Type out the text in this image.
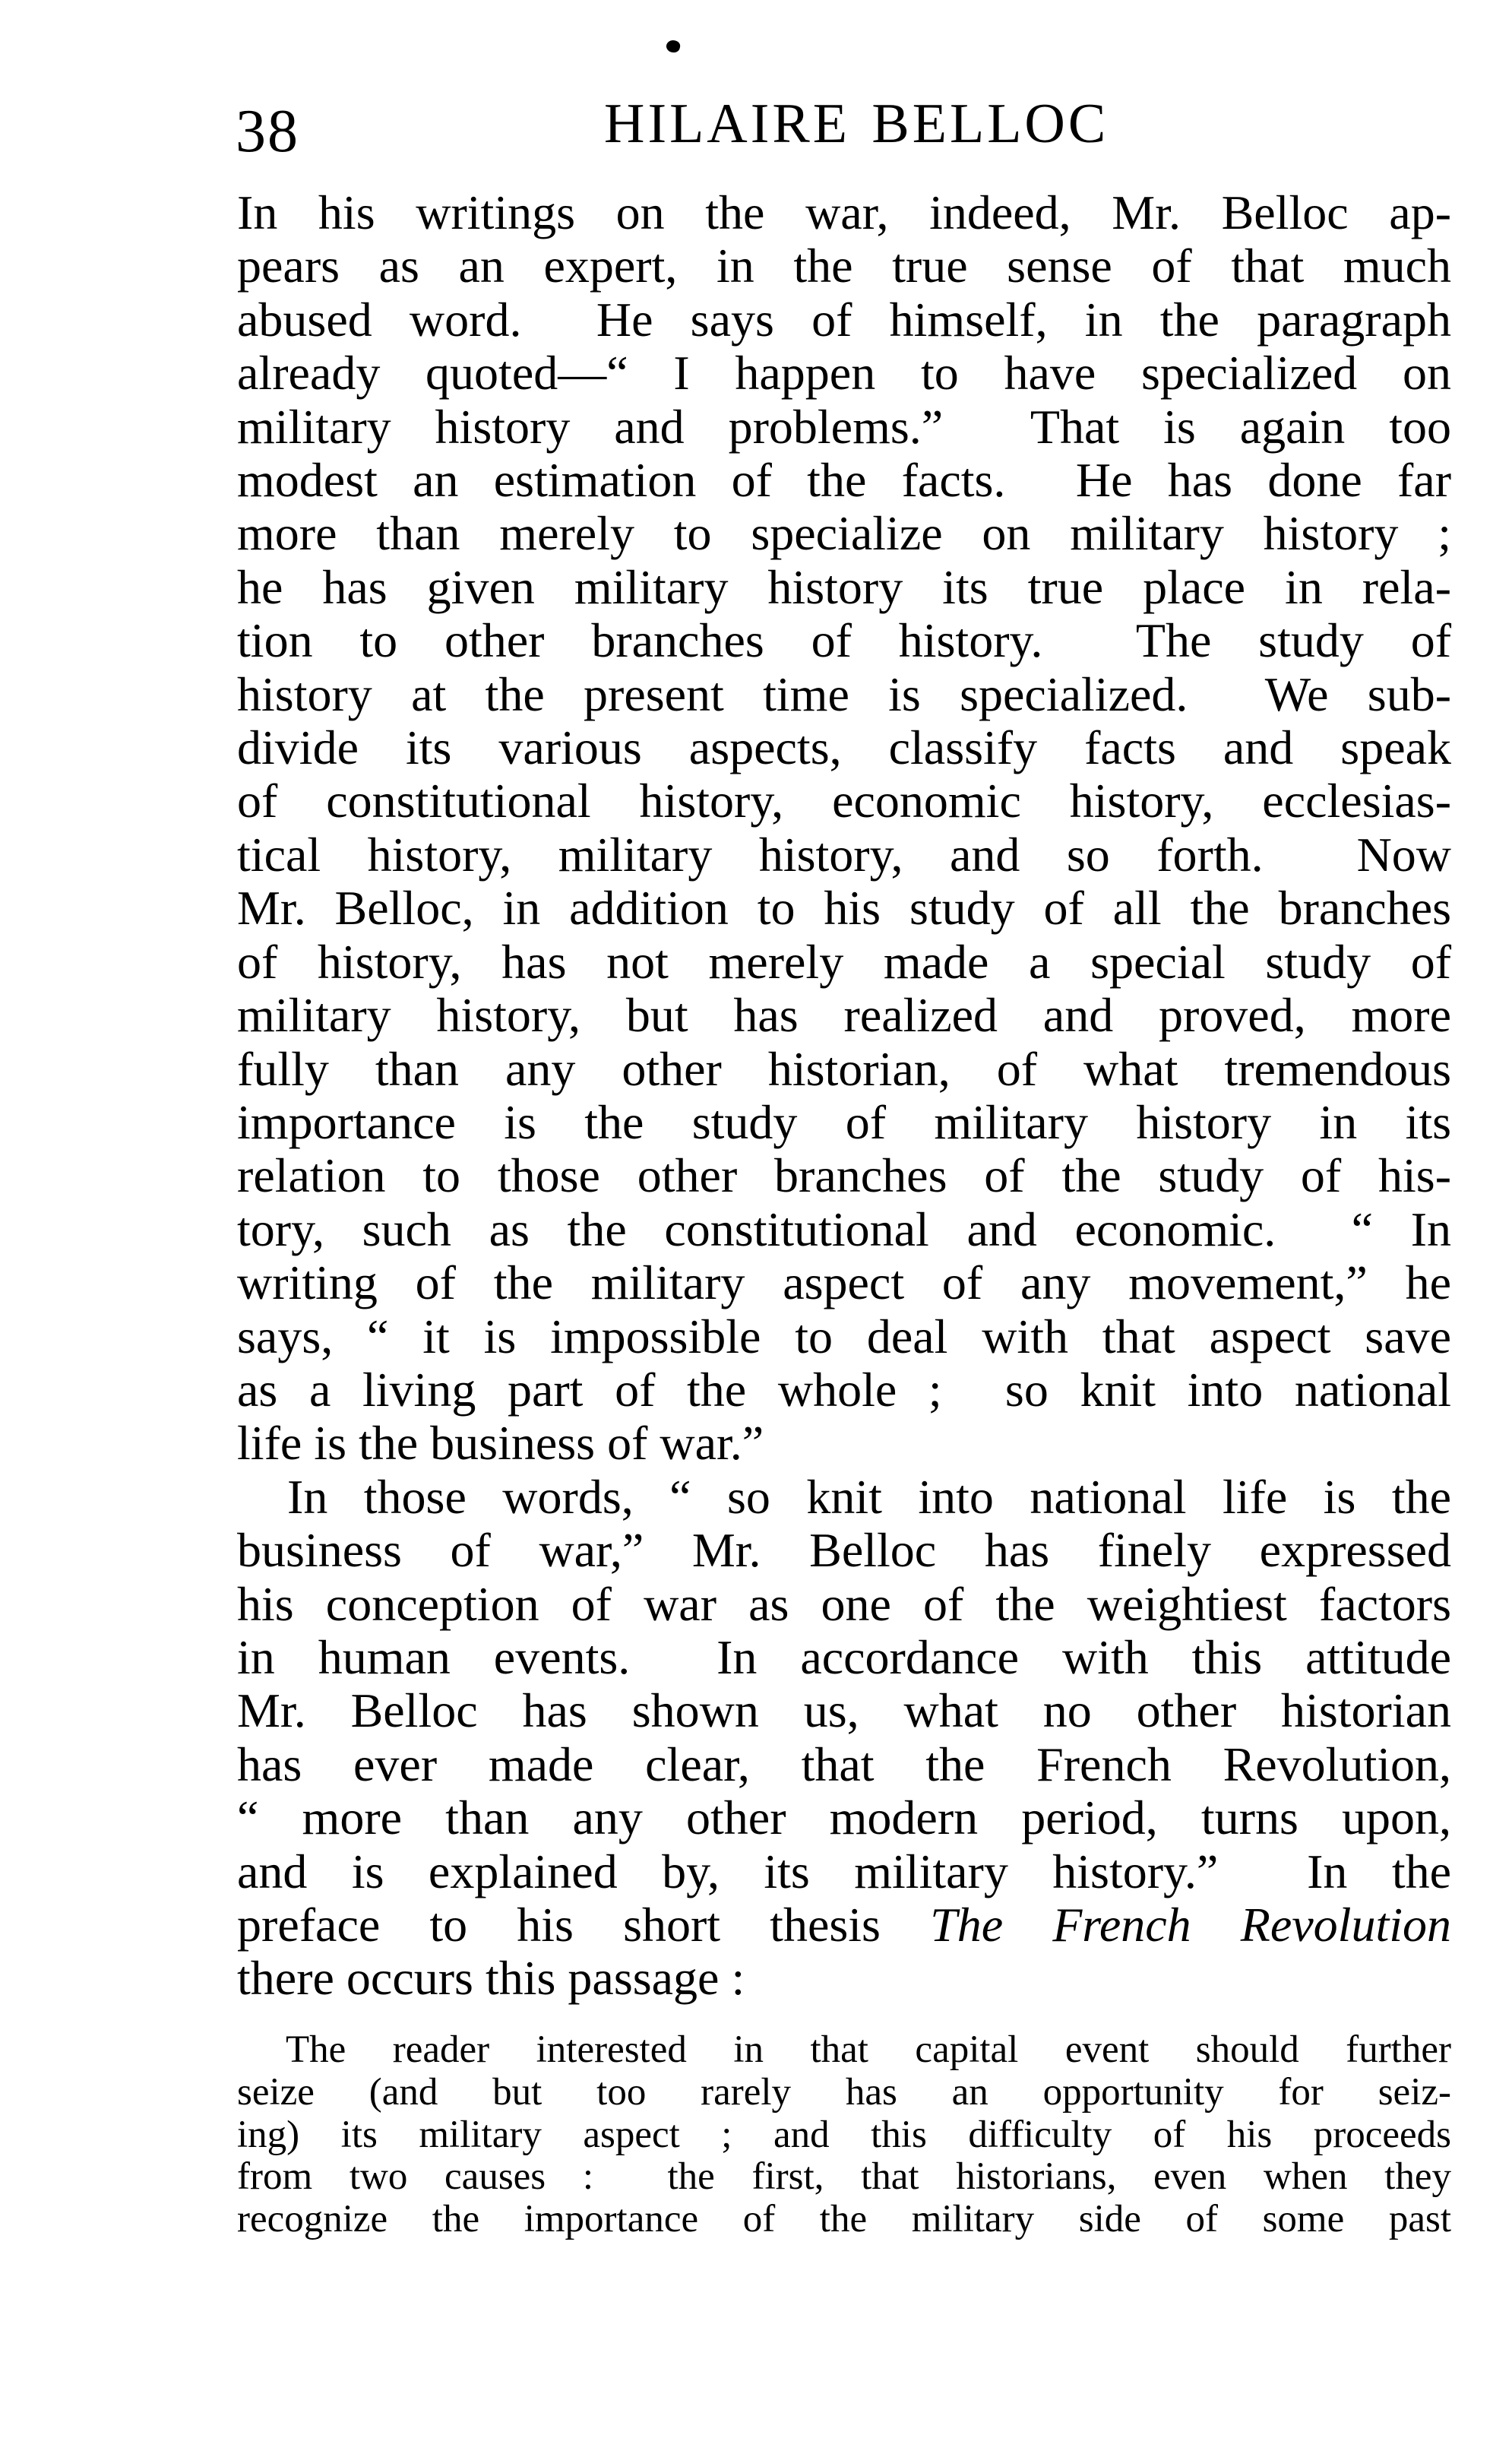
38	HILAIRE BELLOC
In his writings on the war, indeed, Mr. Belloc ap-
pears as an expert, in the true sense of that much
abused word.  He says of himself, in the paragraph
already quoted—“ I happen to have specialized on
military history and problems.”  That is again too
modest an estimation of the facts.  He has done far
more than merely to specialize on military history ;
he has given military history its true place in rela-
tion to other branches of history.  The study of
history at the present time is specialized.  We sub-
divide its various aspects, classify facts and speak
of constitutional history, economic history, ecclesias-
tical history, military history, and so forth.  Now
Mr. Belloc, in addition to his study of all the branches
of history, has not merely made a special study of
military history, but has realized and proved, more
fully than any other historian, of what tremendous
importance is the study of military history in its
relation to those other branches of the study of his-
tory, such as the constitutional and economic.  “ In
writing of the military aspect of any movement,” he
says, “ it is impossible to deal with that aspect save
as a living part of the whole ;  so knit into national
life is the business of war.”
In those words, “ so knit into national life is the
business of war,” Mr. Belloc has finely expressed
his conception of war as one of the weightiest factors
in human events.  In accordance with this attitude
Mr. Belloc has shown us, what no other historian
has ever made clear, that the French Revolution,
“ more than any other modern period, turns upon,
and is explained by, its military history.”  In the
preface to his short thesis The French Revolution
there occurs this passage :
The reader interested in that capital event should further
seize (and but too rarely has an opportunity for seiz-
ing) its military aspect ; and this difficulty of his proceeds
from two causes :  the first, that historians, even when they
recognize the importance of the military side of some past
